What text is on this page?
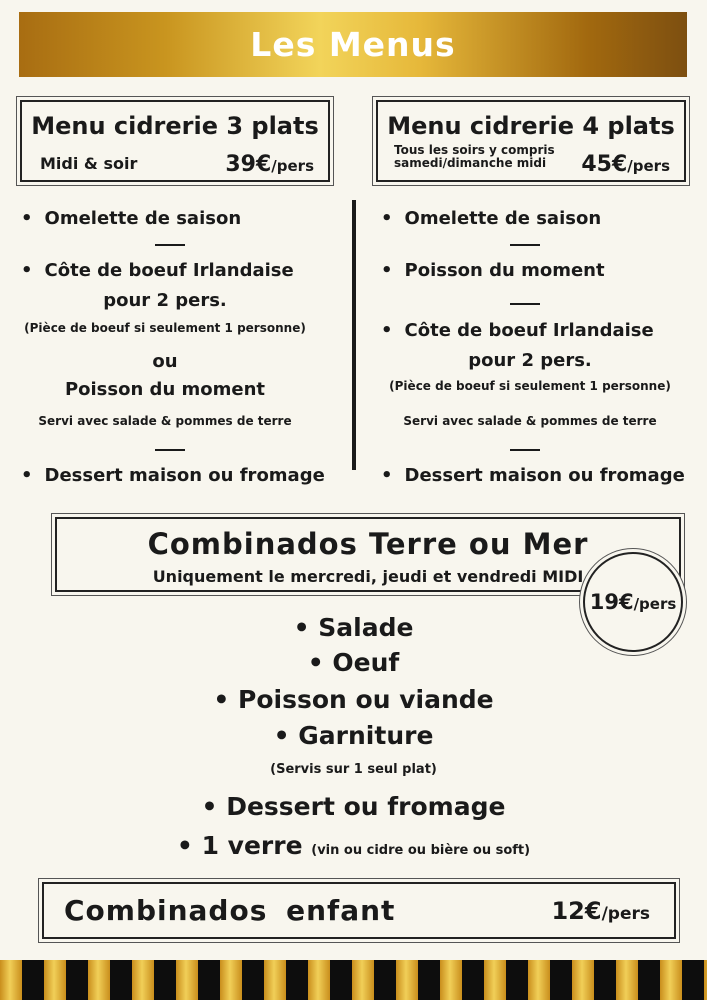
Les Menus
Menu cidrerie 3 plats
Midi & soir	39€/pers
Menu cidrerie 4 plats
Tous les soirs y compris
samedi/dimanche midi	45€/pers
• Omelette de saison
• Côte de boeuf Irlandaise
pour 2 pers.
(Pièce de boeuf si seulement 1 personne)
ou
Poisson du moment
Servi avec salade & pommes de terre
• Dessert maison ou fromage
• Omelette de saison
• Poisson du moment
• Côte de boeuf Irlandaise
pour 2 pers.
(Pièce de boeuf si seulement 1 personne)
Servi avec salade & pommes de terre
• Dessert maison ou fromage
Combinados Terre ou Mer
Uniquement le mercredi, jeudi et vendredi MIDI
19€/pers
• Salade
• Oeuf
• Poisson ou viande
• Garniture
(Servis sur 1 seul plat)
• Dessert ou fromage
• 1 verre (vin ou cidre ou bière ou soft)
Combinados enfant	12€/pers
